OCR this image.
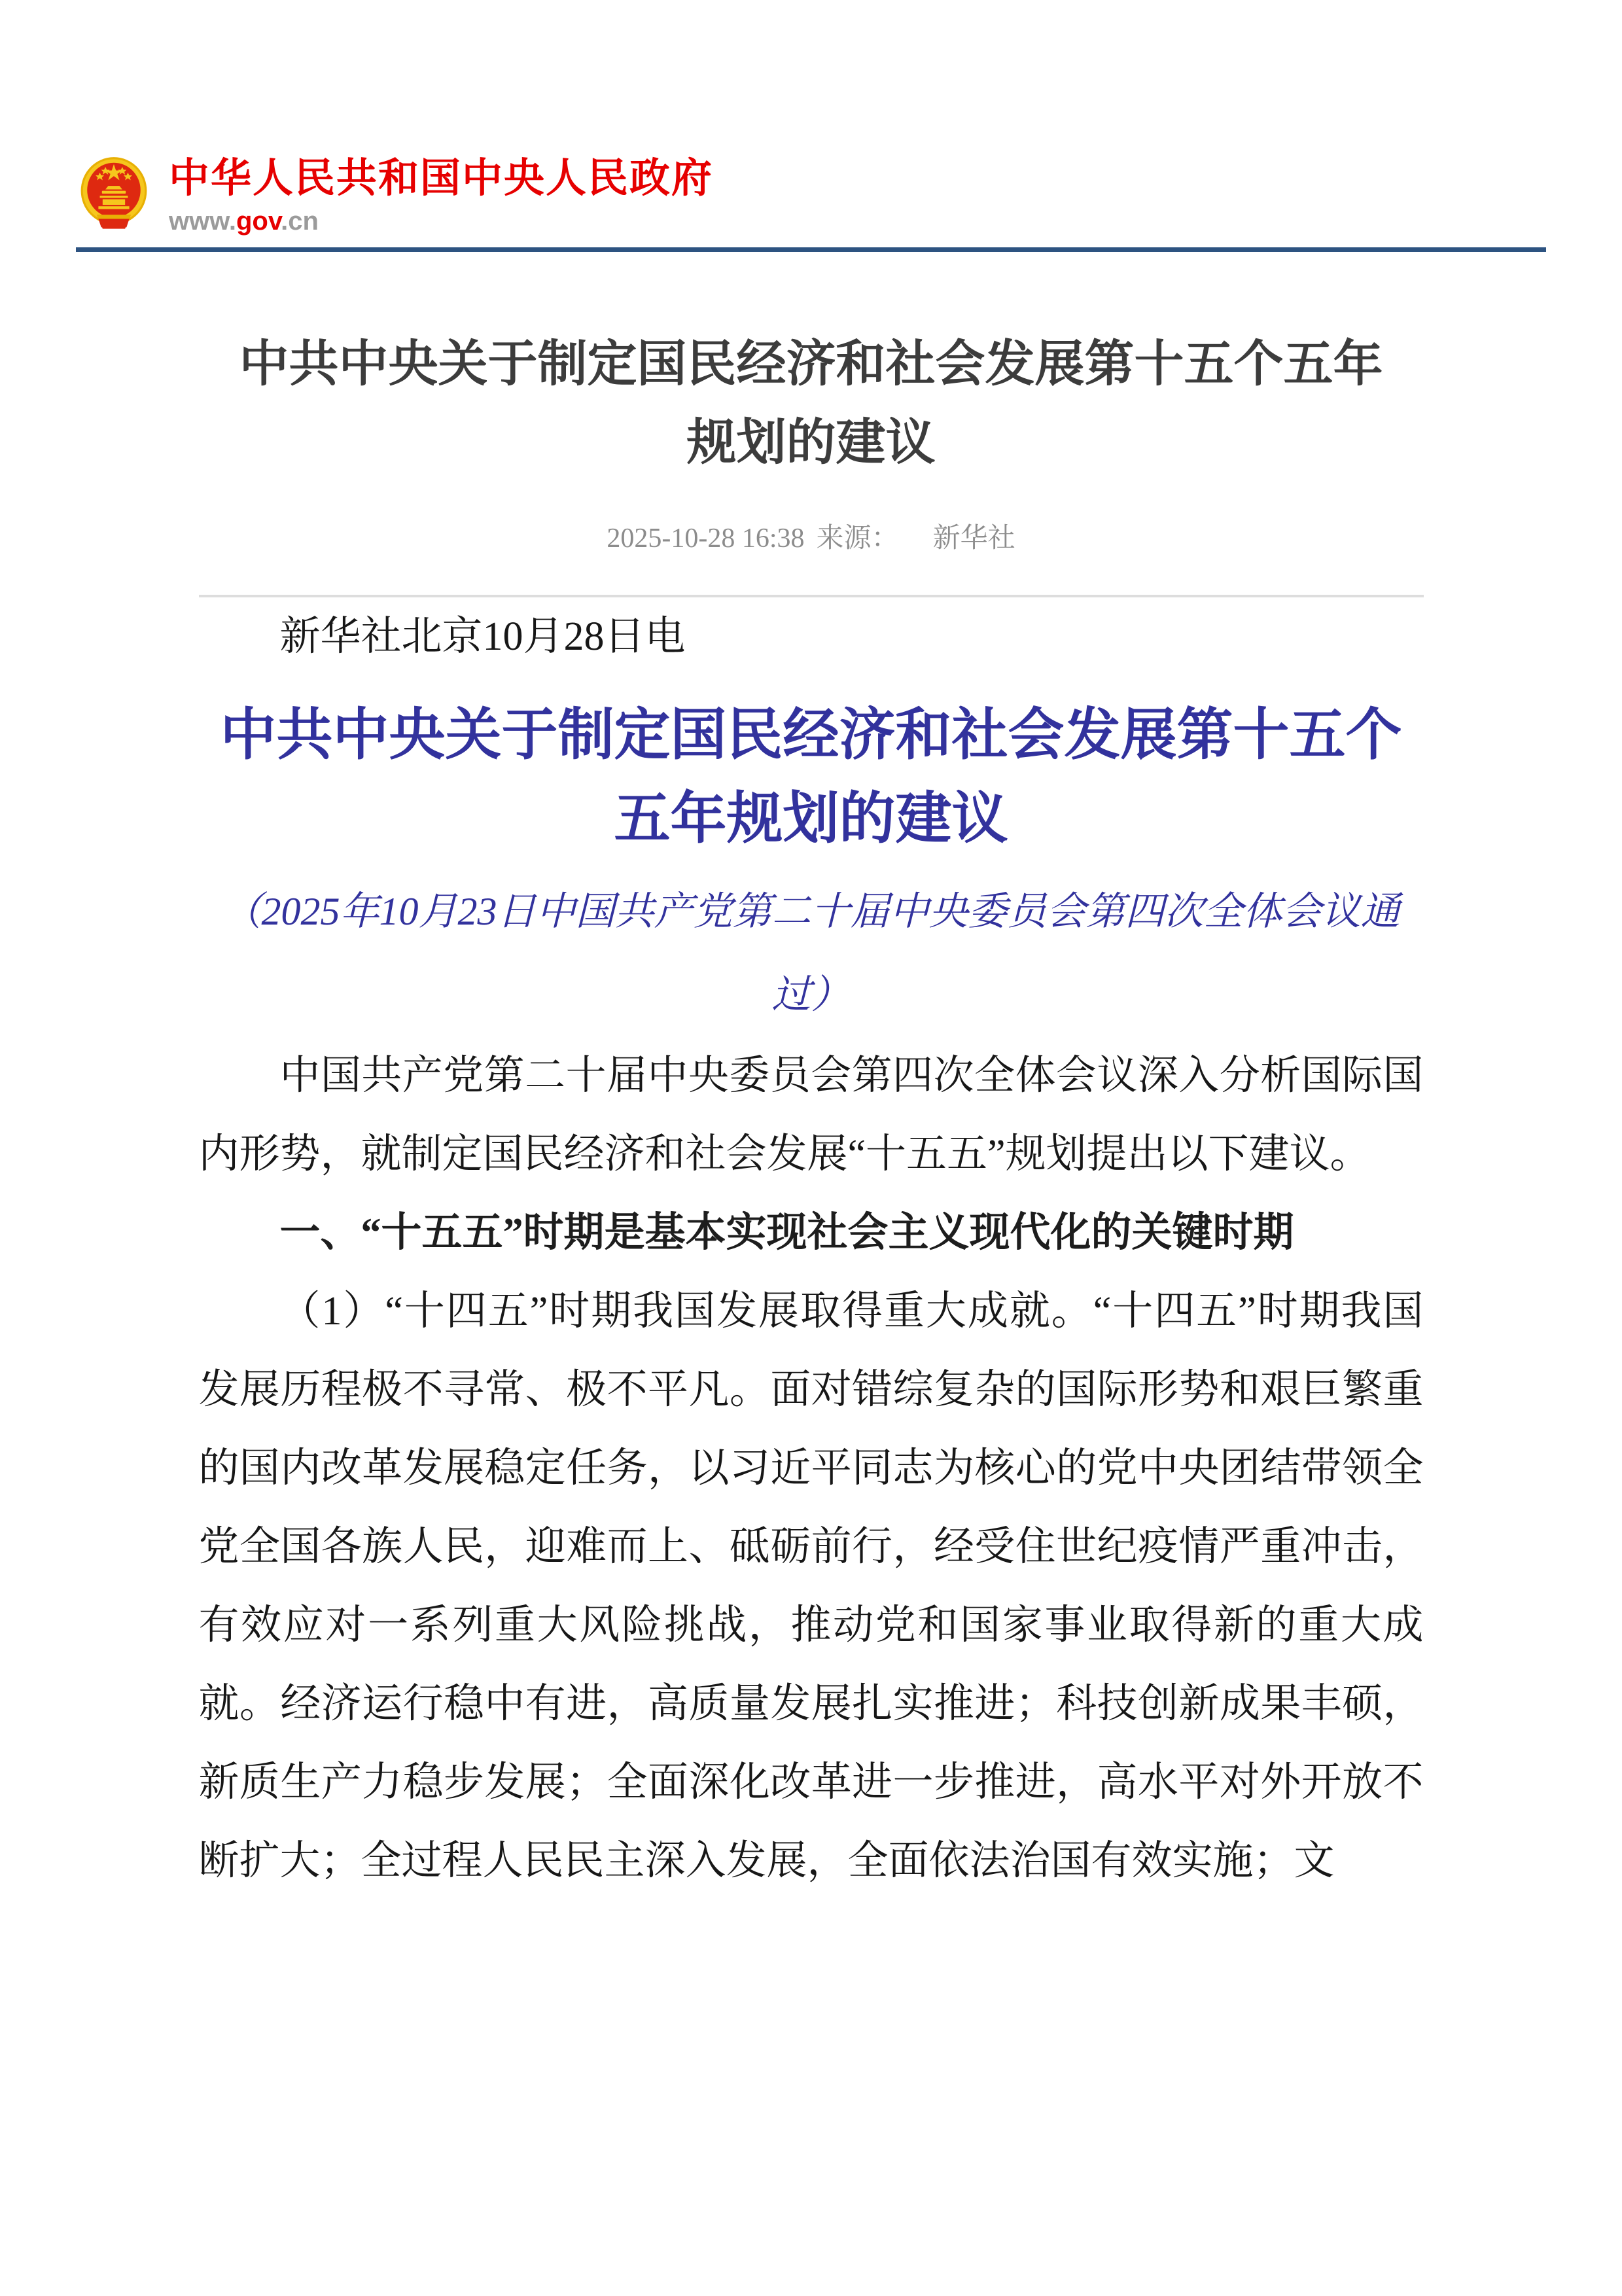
中华人民共和国中央人民政府
www.gov.cn
中共中央关于制定国民经济和社会发展第十五个五年
规划的建议
2025-10-28 16:38 来源： 新华社

新华社北京10月28日电

中共中央关于制定国民经济和社会发展第十五个
五年规划的建议
（2025年10月23日中国共产党第二十届中央委员会第四次全体会议通
过）

中国共产党第二十届中央委员会第四次全体会议深入分析国际国内形势，就制定国民经济和社会发展“十五五”规划提出以下建议。

一、“十五五”时期是基本实现社会主义现代化的关键时期

（1）“十四五”时期我国发展取得重大成就。“十四五”时期我国发展历程极不寻常、极不平凡。面对错综复杂的国际形势和艰巨繁重的国内改革发展稳定任务，以习近平同志为核心的党中央团结带领全党全国各族人民，迎难而上、砥砺前行，经受住世纪疫情严重冲击，有效应对一系列重大风险挑战，推动党和国家事业取得新的重大成就。经济运行稳中有进，高质量发展扎实推进；科技创新成果丰硕，新质生产力稳步发展；全面深化改革进一步推进，高水平对外开放不断扩大；全过程人民民主深入发展，全面依法治国有效实施；文
